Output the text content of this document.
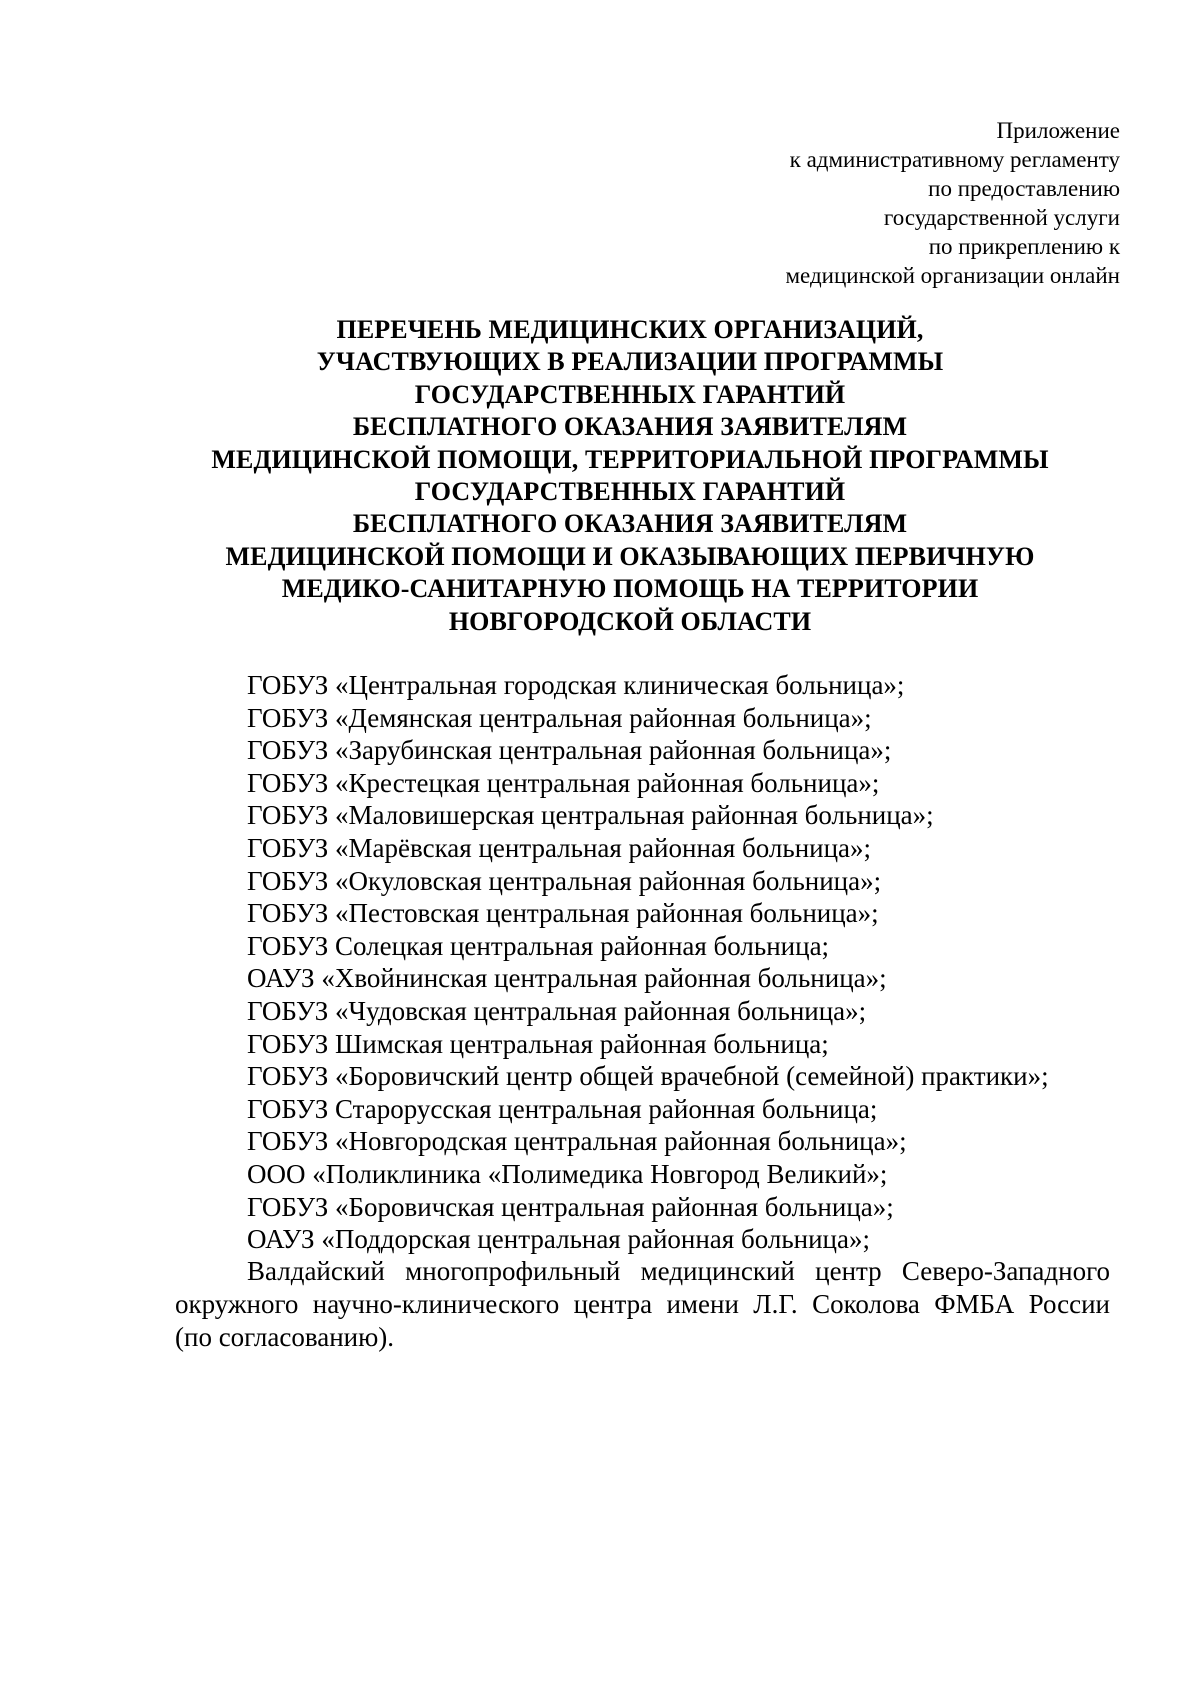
Приложение
к административному регламенту
по предоставлению
государственной услуги
по прикреплению к
медицинской организации онлайн
ПЕРЕЧЕНЬ МЕДИЦИНСКИХ ОРГАНИЗАЦИЙ,
УЧАСТВУЮЩИХ В РЕАЛИЗАЦИИ ПРОГРАММЫ
ГОСУДАРСТВЕННЫХ ГАРАНТИЙ
БЕСПЛАТНОГО ОКАЗАНИЯ ЗАЯВИТЕЛЯМ
МЕДИЦИНСКОЙ ПОМОЩИ, ТЕРРИТОРИАЛЬНОЙ ПРОГРАММЫ
ГОСУДАРСТВЕННЫХ ГАРАНТИЙ
БЕСПЛАТНОГО ОКАЗАНИЯ ЗАЯВИТЕЛЯМ
МЕДИЦИНСКОЙ ПОМОЩИ И ОКАЗЫВАЮЩИХ ПЕРВИЧНУЮ
МЕДИКО-САНИТАРНУЮ ПОМОЩЬ НА ТЕРРИТОРИИ
НОВГОРОДСКОЙ ОБЛАСТИ
ГОБУЗ «Центральная городская клиническая больница»;
ГОБУЗ «Демянская центральная районная больница»;
ГОБУЗ «Зарубинская центральная районная больница»;
ГОБУЗ «Крестецкая центральная районная больница»;
ГОБУЗ «Маловишерская центральная районная больница»;
ГОБУЗ «Марёвская центральная районная больница»;
ГОБУЗ «Окуловская центральная районная больница»;
ГОБУЗ «Пестовская центральная районная больница»;
ГОБУЗ Солецкая центральная районная больница;
ОАУЗ «Хвойнинская центральная районная больница»;
ГОБУЗ «Чудовская центральная районная больница»;
ГОБУЗ Шимская центральная районная больница;
ГОБУЗ «Боровичский центр общей врачебной (семейной) практики»;
ГОБУЗ Старорусская центральная районная больница;
ГОБУЗ «Новгородская центральная районная больница»;
ООО «Поликлиника «Полимедика Новгород Великий»;
ГОБУЗ «Боровичская центральная районная больница»;
ОАУЗ «Поддорская центральная районная больница»;
Валдайский многопрофильный медицинский центр Северо-Западного
окружного научно-клинического центра имени Л.Г. Соколова ФМБА России
(по согласованию).
